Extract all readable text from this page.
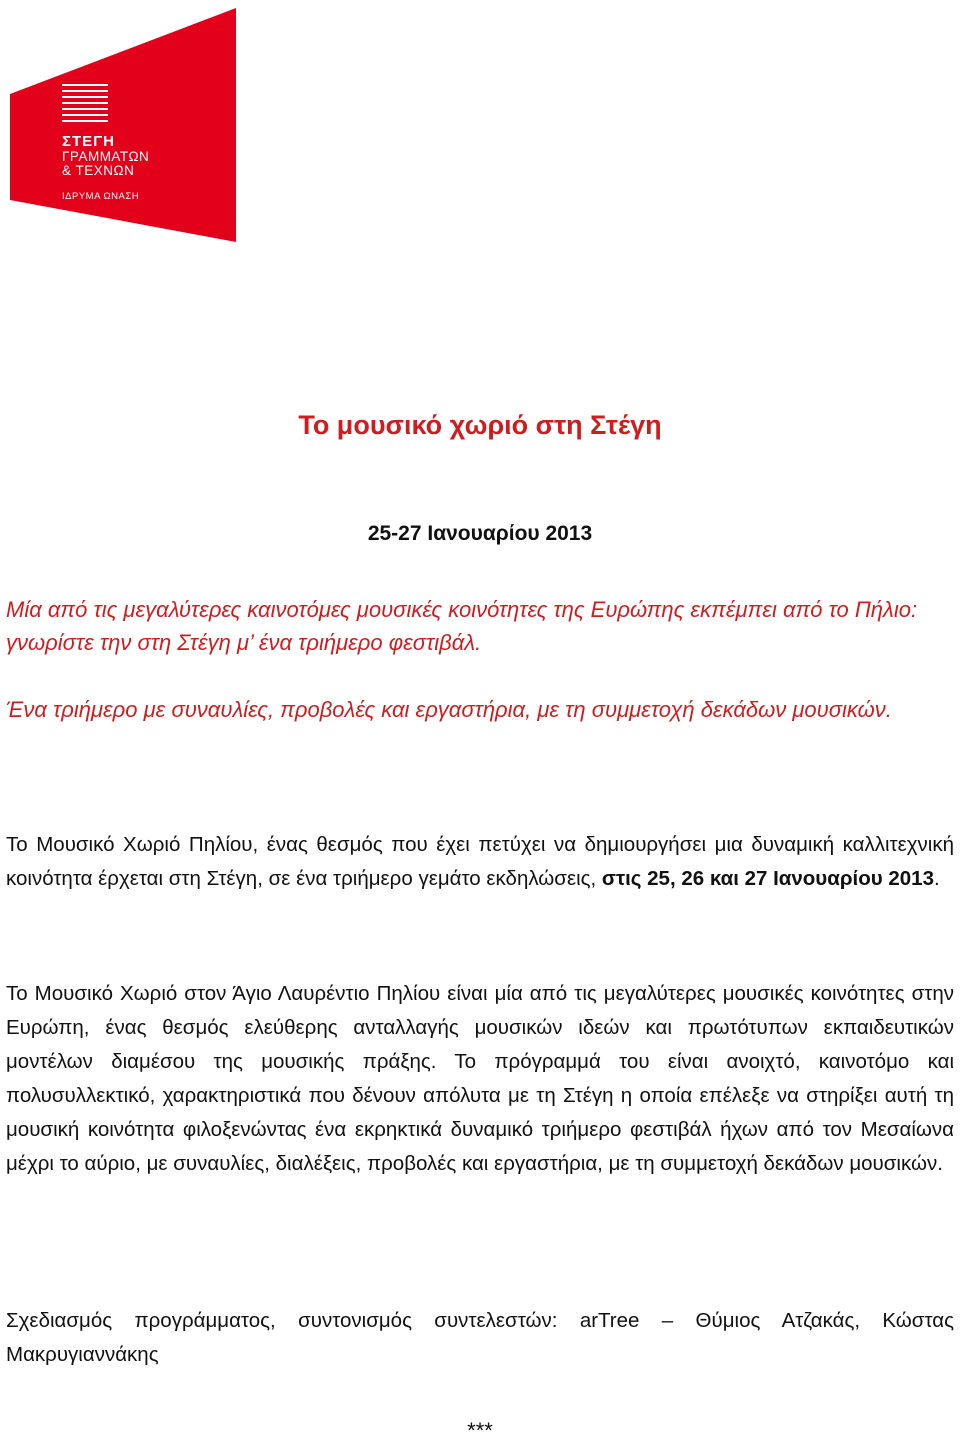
ΣΤΕΓΗ
ΓΡΑΜΜΑΤΩΝ
& ΤΕΧΝΩΝ
ΙΔΡΥΜΑ ΩΝΑΣΗ
Το μουσικό χωριό στη Στέγη
25-27 Ιανουαρίου 2013

Μία από τις μεγαλύτερες καινοτόμες μουσικές κοινότητες της Ευρώπης εκπέμπει από το Πήλιο: γνωρίστε την στη Στέγη μ’ ένα τριήμερο φεστιβάλ.

Ένα τριήμερο με συναυλίες, προβολές και εργαστήρια, με τη συμμετοχή δεκάδων μουσικών.

Το Μουσικό Χωριό Πηλίου, ένας θεσμός που έχει πετύχει να δημιουργήσει μια δυναμική καλλιτεχνική κοινότητα έρχεται στη Στέγη, σε ένα τριήμερο γεμάτο εκδηλώσεις, στις 25, 26 και 27 Ιανουαρίου 2013.

Το Μουσικό Χωριό στον Άγιο Λαυρέντιο Πηλίου είναι μία από τις μεγαλύτερες μουσικές κοινότητες στην Ευρώπη, ένας θεσμός ελεύθερης ανταλλαγής μουσικών ιδεών και πρωτότυπων εκπαιδευτικών μοντέλων διαμέσου της μουσικής πράξης. Το πρόγραμμά του είναι ανοιχτό, καινοτόμο και πολυσυλλεκτικό, χαρακτηριστικά που δένουν απόλυτα με τη Στέγη η οποία επέλεξε να στηρίξει αυτή τη μουσική κοινότητα φιλοξενώντας ένα εκρηκτικά δυναμικό τριήμερο φεστιβάλ ήχων από τον Μεσαίωνα μέχρι το αύριο, με συναυλίες, διαλέξεις, προβολές και εργαστήρια, με τη συμμετοχή δεκάδων μουσικών.

Σχεδιασμός προγράμματος, συντονισμός συντελεστών: arTree – Θύμιος Ατζακάς, Κώστας Μακρυγιαννάκης

***
